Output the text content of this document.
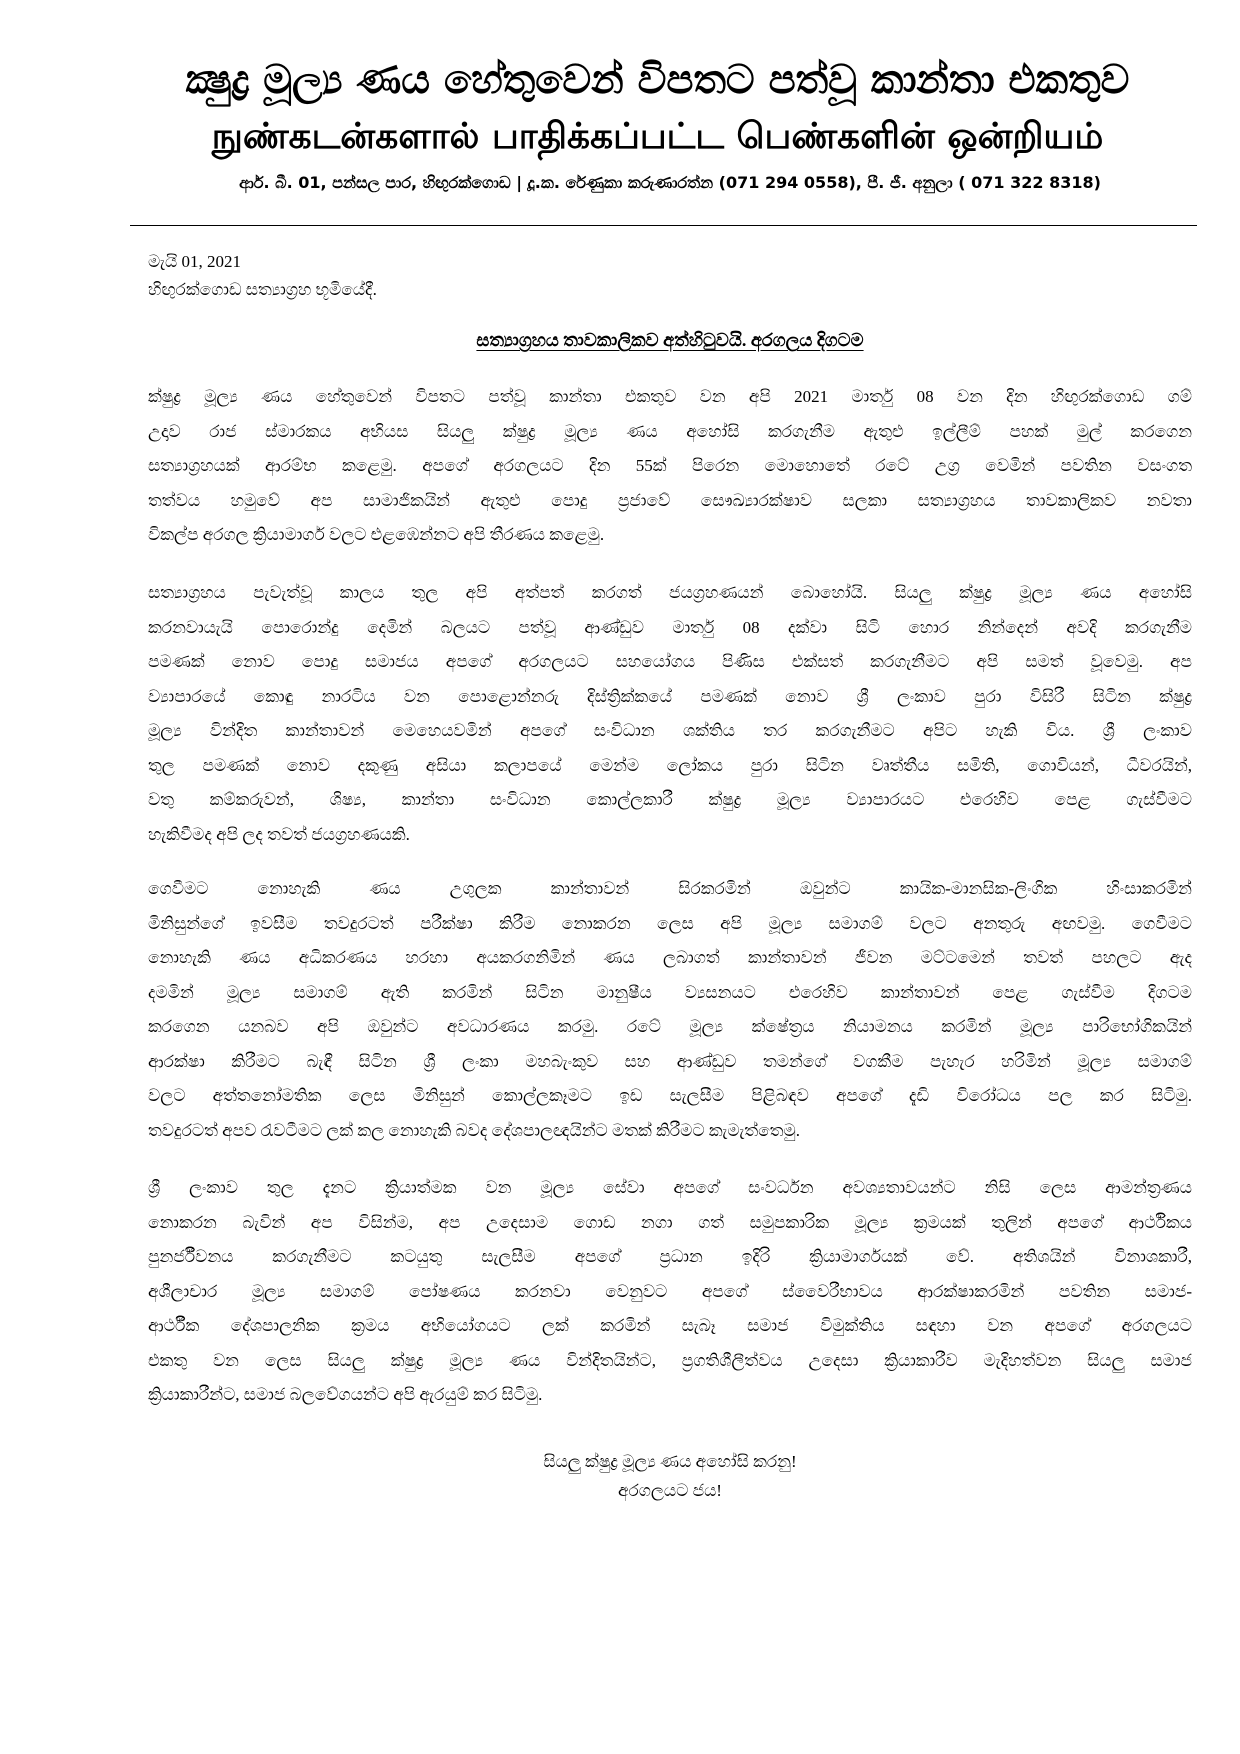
ක්‍ෂුද්‍ර මූල්‍ය ණය හේතුවෙන් විපතට පත්වූ කාන්තා එකතුව
நுண்கடன்களால் பாதிக்கப்பட்ட பெண்களின் ஒன்றியம்
ආර්. බී. 01, පන්සල පාර, හිඟුරක්ගොඩ | දූ.ක. රේණුකා කරුණාරත්න (071 294 0558), පී. ජී. අනුලා ( 071 322 8318)
මැයි 01, 2021
හිඟුරක්ගොඩ සත්‍යාග්‍රහ භූමියේදී.
සත්‍යාග්‍රහය තාවකාලිකව අත්හිටුවයි. අරගලය දිගටම
ක්ෂුද්‍ර මූල්‍ය ණය හේතුවෙන් විපතට පත්වූ කාන්තා එකතුව වන අපි 2021 මාර්තු 08 වන දින හිඟුරක්ගොඩ ගම්
උදාව රාජ ස්මාරකය අභියස සියලු ක්ෂුද්‍ර මූල්‍ය ණය අහෝසි කරගැනීම ඇතුළු ඉල්ලීම් පහක් මුල් කරගෙන
සත්‍යාග්‍රහයක් ආරම්භ කළෙමු. අපගේ අරගලයට දින 55ක් පිරෙන මොහොතේ රටේ උග්‍ර වෙමින් පවතින වසංගත
තත්වය හමුවේ අප සාමාජිකයින් ඇතුළු පොදු ප්‍රජාවේ සෞඛ්‍යාරක්ෂාව සලකා සත්‍යාග්‍රහය තාවකාලිකව නවතා
විකල්ප අරගල ක්‍රියාමාර්ග වලට එළඹෙන්නට අපි තීරණය කළෙමු.
සත්‍යාග්‍රහය පැවැත්වූ කාලය තුල අපි අත්පත් කරගත් ජයග්‍රහණයන් බොහෝයි. සියලු ක්ෂුද්‍ර මූල්‍ය ණය අහෝසි
කරනවායැයි පොරොන්දු දෙමින් බලයට පත්වූ ආණ්ඩුව මාර්තු 08 දක්වා සිටි හොර නින්දෙන් අවදි කරගැනීම
පමණක් නොව පොදු සමාජය අපගේ අරගලයට සහයෝගය පිණිස එක්සත් කරගැනීමට අපි සමත් වූවෙමු. අප
ව්‍යාපාරයේ කොඳු නාරටිය වන පොළොන්නරු දිස්ත්‍රික්කයේ පමණක් නොව ශ්‍රී ලංකාව පුරා විසිරී සිටින ක්ෂුද්‍ර
මූල්‍ය වින්දිත කාන්තාවන් මෙහෙයවමින් අපගේ සංවිධාන ශක්තිය තර කරගැනීමට අපිට හැකි විය. ශ්‍රී ලංකාව
තුල පමණක් නොව දකුණු අසියා කලාපයේ මෙන්ම ලෝකය පුරා සිටින වෘත්තීය සමිති, ගොවියන්, ධීවරයින්,
වතු කම්කරුවන්, ශිෂ්‍ය, කාන්තා සංවිධාන කොල්ලකාරී ක්ෂුද්‍ර මූල්‍ය ව්‍යාපාරයට එරෙහිව පෙළ ගැස්වීමට
හැකිවීමද අපි ලද තවත් ජයග්‍රහණයකි.
ගෙවීමට නොහැකි ණය උගුලක කාන්තාවන් සිරකරමින් ඔවුන්ට කායික-මානසික-ලිංගික හිංසාකරමින්
මිනිසුන්ගේ ඉවසීම තවදුරටත් පරීක්ෂා කිරීම නොකරන ලෙස අපි මූල්‍ය සමාගම් වලට අනතුරු අඟවමු. ගෙවීමට
නොහැකි ණය අධිකරණය හරහා අයකරගනිමින් ණය ලබාගත් කාන්තාවන් ජීවන මට්ටමෙන් තවත් පහලට ඇද
දමමින් මූල්‍ය සමාගම් ඇති කරමින් සිටින මානුෂීය ව්‍යසනයට එරෙහිව කාන්තාවන් පෙළ ගැස්වීම දිගටම
කරගෙන යනබව අපි ඔවුන්ට අවධාරණය කරමු. රටේ මූල්‍ය ක්ෂේත්‍රය නියාමනය කරමින් මූල්‍ය පාරිභෝගිකයින්
ආරක්ෂා කිරීමට බැඳී සිටින ශ්‍රී ලංකා මහබැංකුව සහ ආණ්ඩුව තමන්ගේ වගකීම පැහැර හරිමින් මූල්‍ය සමාගම්
වලට අත්තනෝමතික ලෙස මිනිසුන් කොල්ලකෑමට ඉඩ සැලසීම පිළිබඳව අපගේ දැඩි විරෝධය පල කර සිටිමු.
තවදුරටත් අපව රැවටීමට ලක් කල නොහැකි බවද දේශපාලඥයින්ට මතක් කිරීමට කැමැත්තෙමු.
ශ්‍රී ලංකාව තුල දැනට ක්‍රියාත්මක වන මූල්‍ය සේවා අපගේ සංවර්ධන අවශ්‍යතාවයන්ට නිසි ලෙස ආමන්ත්‍රණය
නොකරන බැවින් අප විසින්ම, අප උදෙසාම ගොඩ නගා ගත් සමුපකාරික මූල්‍ය ක්‍රමයක් තුලින් අපගේ ආර්ථිකය
පුනර්ජීවනය කරගැනීමට කටයුතු සැලසීම අපගේ ප්‍රධාන ඉදිරි ක්‍රියාමාර්ගයක් වේ. අතිශයින් විනාශකාරී,
අශීලාචාර මූල්‍ය සමාගම් පෝෂණය කරනවා වෙනුවට අපගේ ස්වෛරීභාවය ආරක්ෂාකරමින් පවතින සමාජ-
ආර්ථීක දේශපාලනික ක්‍රමය අභියෝගයට ලක් කරමින් සැබෑ සමාජ විමුක්තිය සඳහා වන අපගේ අරගලයට
එකතු වන ලෙස සියලු ක්ෂුද්‍ර මූල්‍ය ණය වින්දිතයින්ට, ප්‍රගතිශීලීත්වය උදෙසා ක්‍රියාකාරීව මැදිහත්වන සියලු සමාජ
ක්‍රියාකාරීන්ට, සමාජ බලවේගයන්ට අපි ඇරයුම් කර සිටිමු.
සියලු ක්ෂුද්‍ර මූල්‍ය ණය අහෝසි කරනු!
අරගලයට ජය!
